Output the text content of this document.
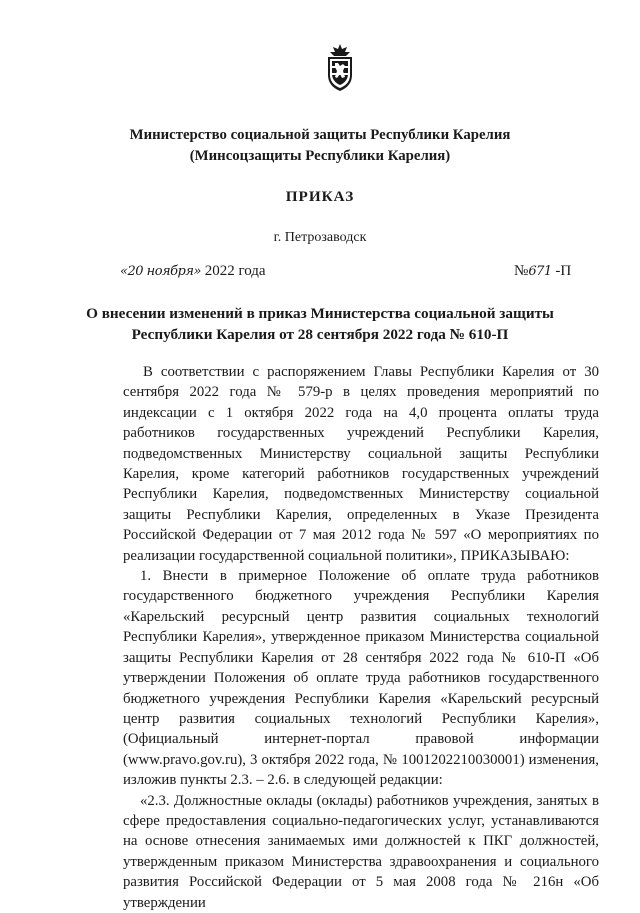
Министерство социальной защиты Республики Карелия
(Минсоцзащиты Республики Карелия)
ПРИКАЗ
г. Петрозаводск
«20 ноября» 2022 года	№671 -П
О внесении изменений в приказ Министерства социальной защиты
Республики Карелия от 28 сентября 2022 года № 610-П

В соответствии с распоряжением Главы Республики Карелия от 30 сентября 2022 года № 579-р в целях проведения мероприятий по индексации с 1 октября 2022 года на 4,0 процента оплаты труда работников государственных учреждений Республики Карелия, подведомственных Министерству социальной защиты Республики Карелия, кроме категорий работников государственных учреждений Республики Карелия, подведомственных Министерству социальной защиты Республики Карелия, определенных в Указе Президента Российской Федерации от 7 мая 2012 года № 597 «О мероприятиях по реализации государственной социальной политики», ПРИКАЗЫВАЮ:

1. Внести в примерное Положение об оплате труда работников государственного бюджетного учреждения Республики Карелия «Карельский ресурсный центр развития социальных технологий Республики Карелия», утвержденное приказом Министерства социальной защиты Республики Карелия от 28 сентября 2022 года № 610-П «Об утверждении Положения об оплате труда работников государственного бюджетного учреждения Республики Карелия «Карельский ресурсный центр развития социальных технологий Республики Карелия», (Официальный интернет-портал правовой информации (www.pravo.gov.ru), 3 октября 2022 года, № 1001202210030001) изменения, изложив пункты 2.3. – 2.6. в следующей редакции:

«2.3. Должностные оклады (оклады) работников учреждения, занятых в сфере предоставления социально-педагогических услуг, устанавливаются на основе отнесения занимаемых ими должностей к ПКГ должностей, утвержденным приказом Министерства здравоохранения и социального развития Российской Федерации от 5 мая 2008 года № 216н «Об утверждении
